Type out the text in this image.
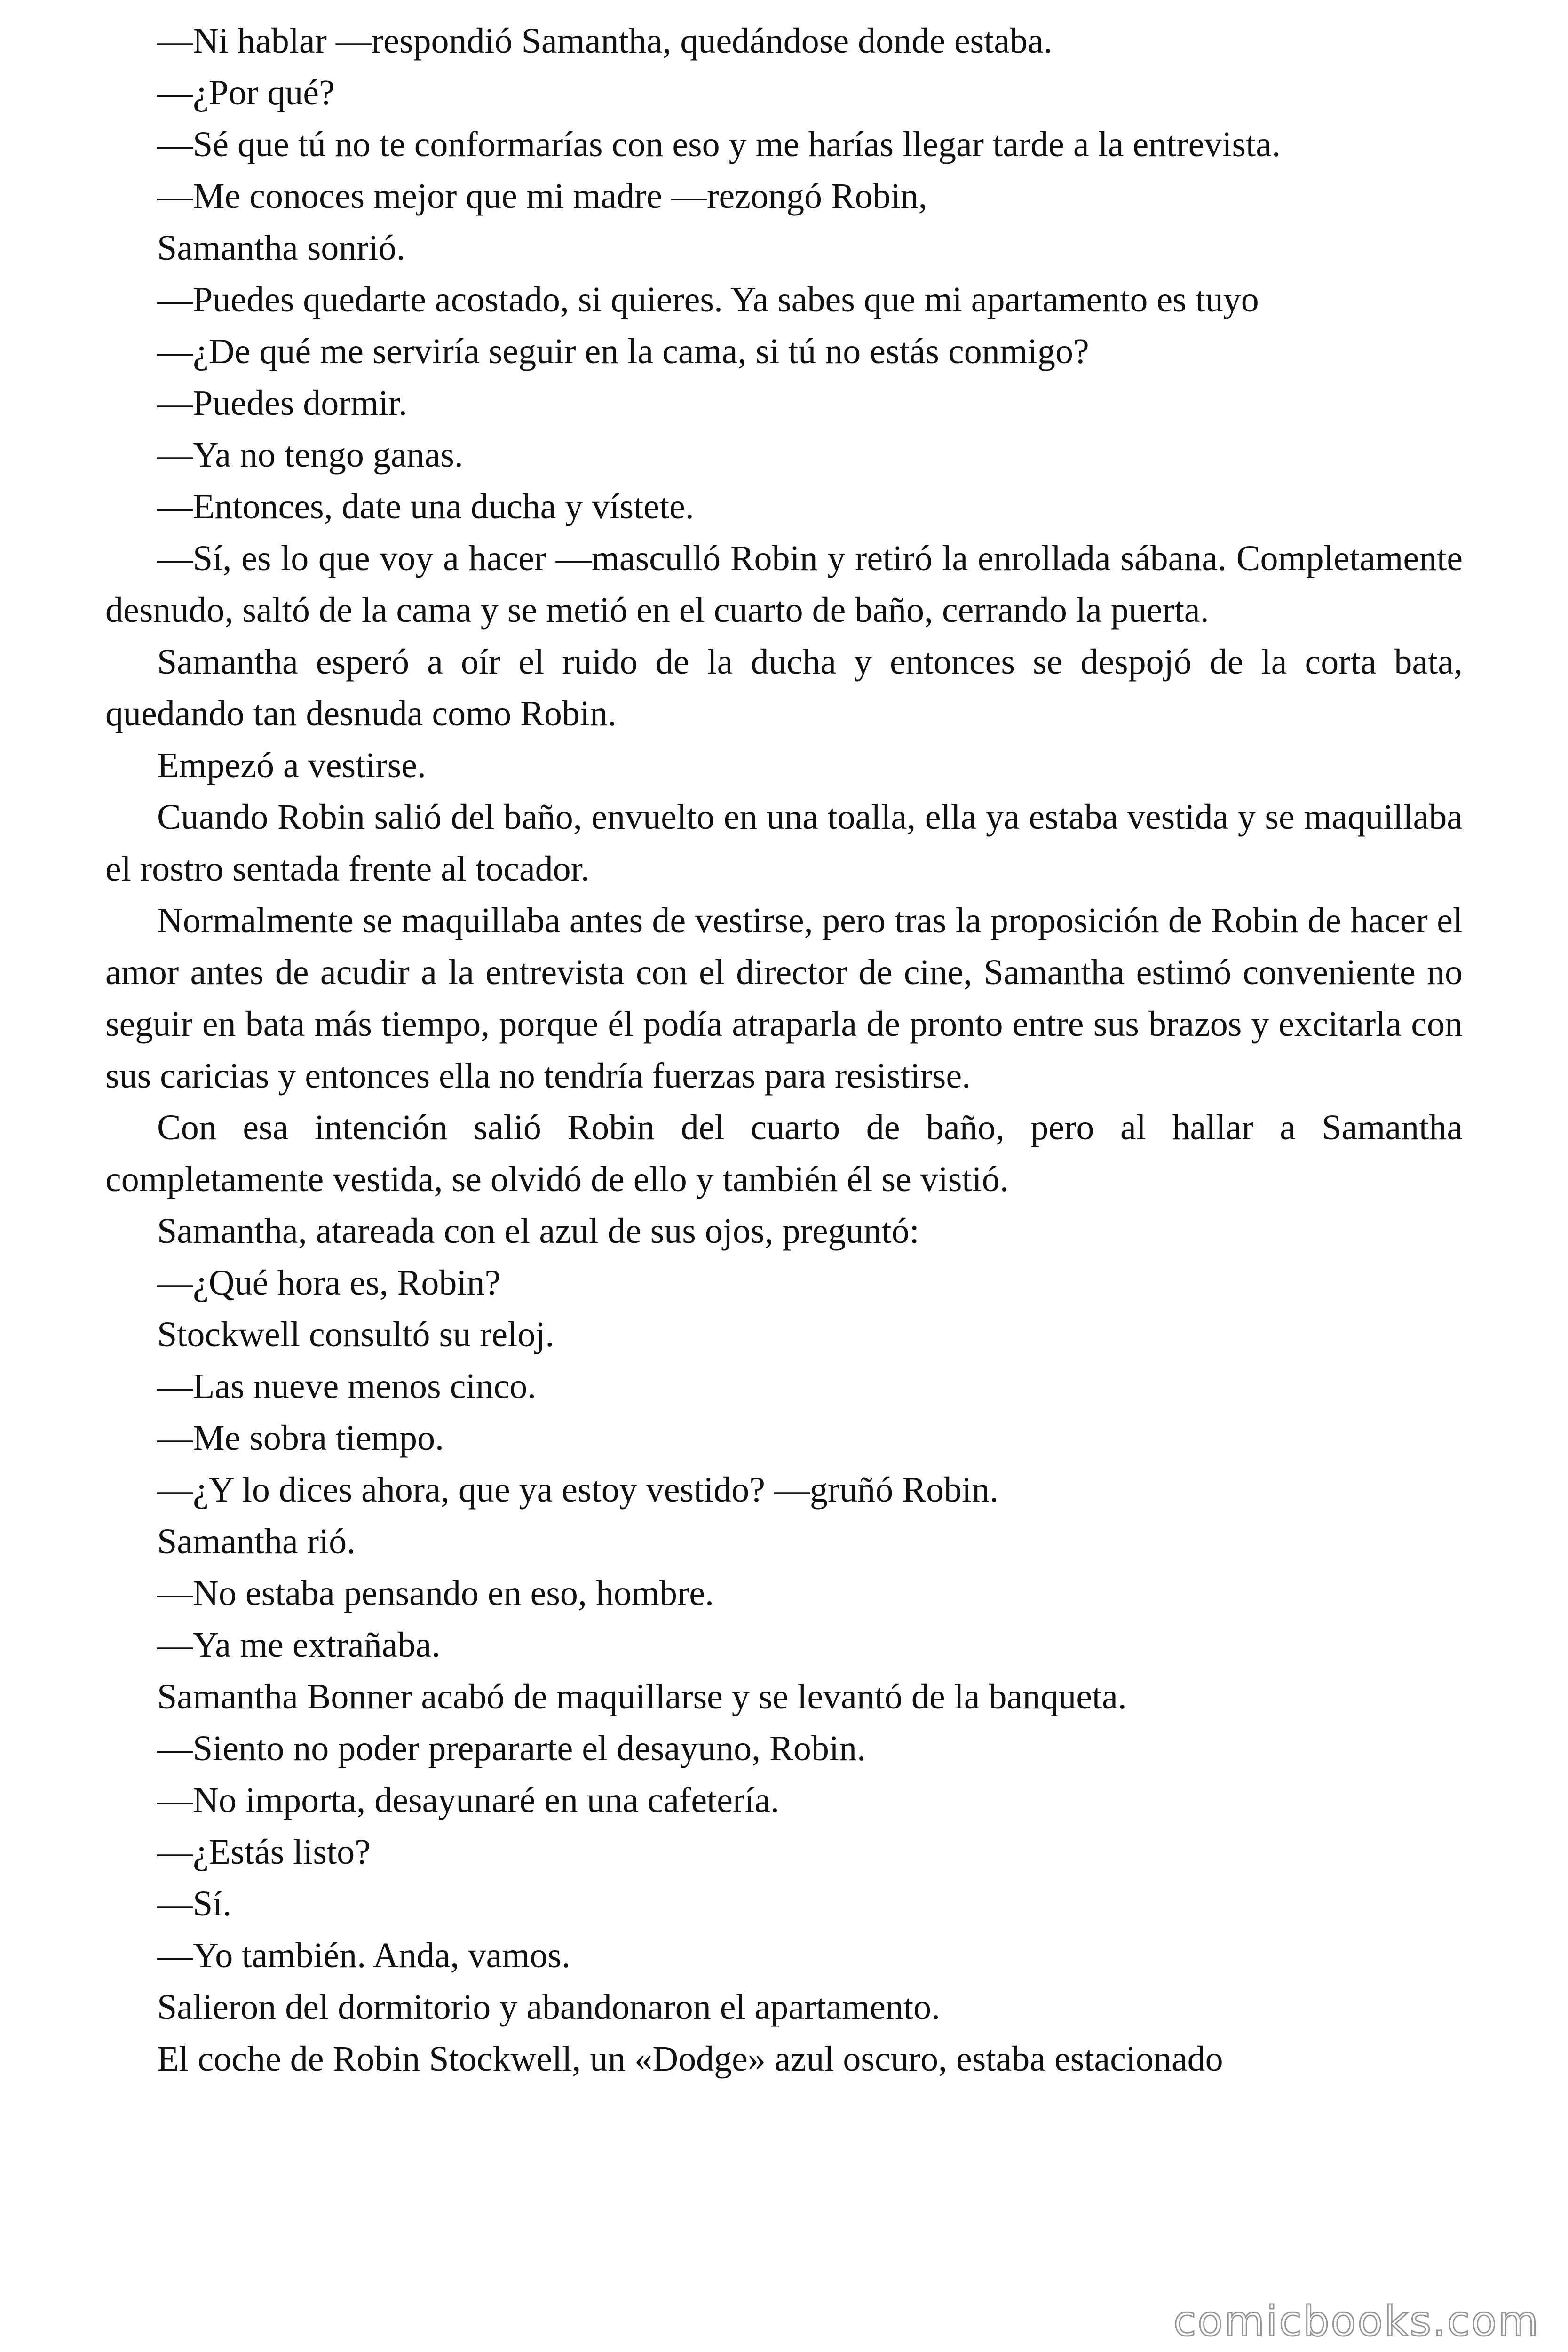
—Ni hablar —respondió Samantha, quedándose donde estaba.

—¿Por qué?

—Sé que tú no te conformarías con eso y me harías llegar tarde a la entrevista.

—Me conoces mejor que mi madre —rezongó Robin,

Samantha sonrió.

—Puedes quedarte acostado, si quieres. Ya sabes que mi apartamento es tuyo

—¿De qué me serviría seguir en la cama, si tú no estás conmigo?

—Puedes dormir.

—Ya no tengo ganas.

—Entonces, date una ducha y vístete.

—Sí, es lo que voy a hacer —masculló Robin y retiró la enrollada sábana. Completamente desnudo, saltó de la cama y se metió en el cuarto de baño, cerrando la puerta.

Samantha esperó a oír el ruido de la ducha y entonces se despojó de la corta bata, quedando tan desnuda como Robin.

Empezó a vestirse.

Cuando Robin salió del baño, envuelto en una toalla, ella ya estaba vestida y se maquillaba el rostro sentada frente al tocador.

Normalmente se maquillaba antes de vestirse, pero tras la proposición de Robin de hacer el amor antes de acudir a la entrevista con el director de cine, Samantha estimó conveniente no seguir en bata más tiempo, porque él podía atraparla de pronto entre sus brazos y excitarla con sus caricias y entonces ella no tendría fuerzas para resistirse.

Con esa intención salió Robin del cuarto de baño, pero al hallar a Samantha completamente vestida, se olvidó de ello y también él se vistió.

Samantha, atareada con el azul de sus ojos, preguntó:

—¿Qué hora es, Robin?

Stockwell consultó su reloj.

—Las nueve menos cinco.

—Me sobra tiempo.

—¿Y lo dices ahora, que ya estoy vestido? —gruñó Robin.

Samantha rió.

—No estaba pensando en eso, hombre.

—Ya me extrañaba.

Samantha Bonner acabó de maquillarse y se levantó de la banqueta.

—Siento no poder prepararte el desayuno, Robin.

—No importa, desayunaré en una cafetería.

—¿Estás listo?

—Sí.

—Yo también. Anda, vamos.

Salieron del dormitorio y abandonaron el apartamento.

El coche de Robin Stockwell, un «Dodge» azul oscuro, estaba estacionado

comicbooks.com
